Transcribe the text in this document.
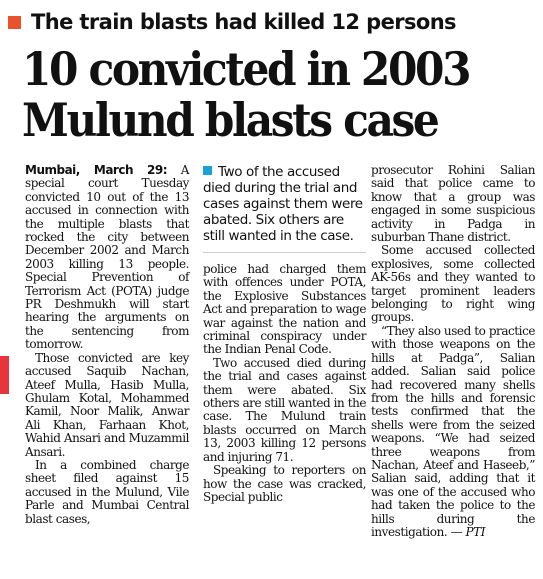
The train blasts had killed 12 persons
10 convicted in 2003
Mulund blasts case

Mumbai, March 29: A special court Tuesday convicted 10 out of the 13 accused in connection with the multiple blasts that rocked the city between December 2002 and March 2003 killing 13 people. Special Prevention of Terrorism Act (POTA) judge PR Deshmukh will start hearing the arguments on the sentencing from tomorrow.

Those convicted are key accused Saquib Nachan, Ateef Mulla, Hasib Mulla, Ghulam Kotal, Mohammed Kamil, Noor Malik, Anwar Ali Khan, Farhaan Khot, Wahid Ansari and Muzammil Ansari.

In a combined charge sheet filed against 15 accused in the Mulund, Vile Parle and Mumbai Central blast cases,

Two of the accused died during the trial and cases against them were abated. Six others are still wanted in the case.

police had charged them with offences under POTA, the Explosive Substances Act and preparation to wage war against the nation and criminal conspiracy under the Indian Penal Code.

Two accused died during the trial and cases against them were abated. Six others are still wanted in the case. The Mulund train blasts occurred on March 13, 2003 killing 12 persons and injuring 71.

Speaking to reporters on how the case was cracked, Special public

prosecutor Rohini Salian said that police came to know that a group was engaged in some suspicious activity in Padga in suburban Thane district.

Some accused collected explosives, some collected AK-56s and they wanted to target prominent leaders belonging to right wing groups.

“They also used to practice with those weapons on the hills at Padga”, Salian added. Salian said police had recovered many shells from the hills and forensic tests confirmed that the shells were from the seized weapons. “We had seized three weapons from Nachan, Ateef and Haseeb,” Salian said, adding that it was one of the accused who had taken the police to the hills during the investigation. — PTI
